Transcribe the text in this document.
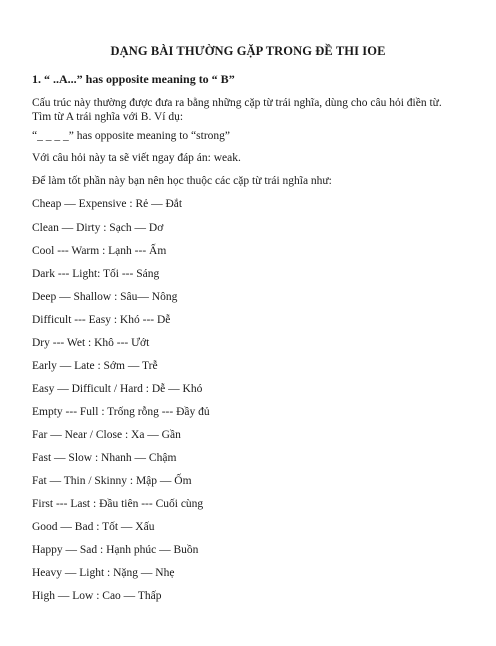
DẠNG BÀI THƯỜNG GẶP TRONG ĐỀ THI IOE
1. “ ..A...” has opposite meaning to “ B”
Cấu trúc này thường được đưa ra bằng những cặp từ trái nghĩa, dùng cho câu hỏi điền từ.
Tìm từ A trái nghĩa với B. Ví dụ:
“_ _ _ _” has opposite meaning to “strong”
Với câu hỏi này ta sẽ viết ngay đáp án: weak.
Để làm tốt phần này bạn nên học thuộc các cặp từ trái nghĩa như:
Cheap — Expensive : Rẻ — Đắt
Clean — Dirty : Sạch — Dơ
Cool --- Warm : Lạnh --- Ấm
Dark --- Light: Tối --- Sáng
Deep — Shallow : Sâu— Nông
Difficult --- Easy : Khó --- Dễ
Dry --- Wet : Khô --- Ướt
Early — Late : Sớm — Trễ
Easy — Difficult / Hard : Dễ — Khó
Empty --- Full : Trống rỗng --- Đầy đủ
Far — Near / Close : Xa — Gần
Fast — Slow : Nhanh — Chậm
Fat — Thin / Skinny : Mập — Ốm
First --- Last : Đầu tiên --- Cuối cùng
Good — Bad : Tốt — Xấu
Happy — Sad : Hạnh phúc — Buồn
Heavy — Light : Nặng — Nhẹ
High — Low : Cao — Thấp
